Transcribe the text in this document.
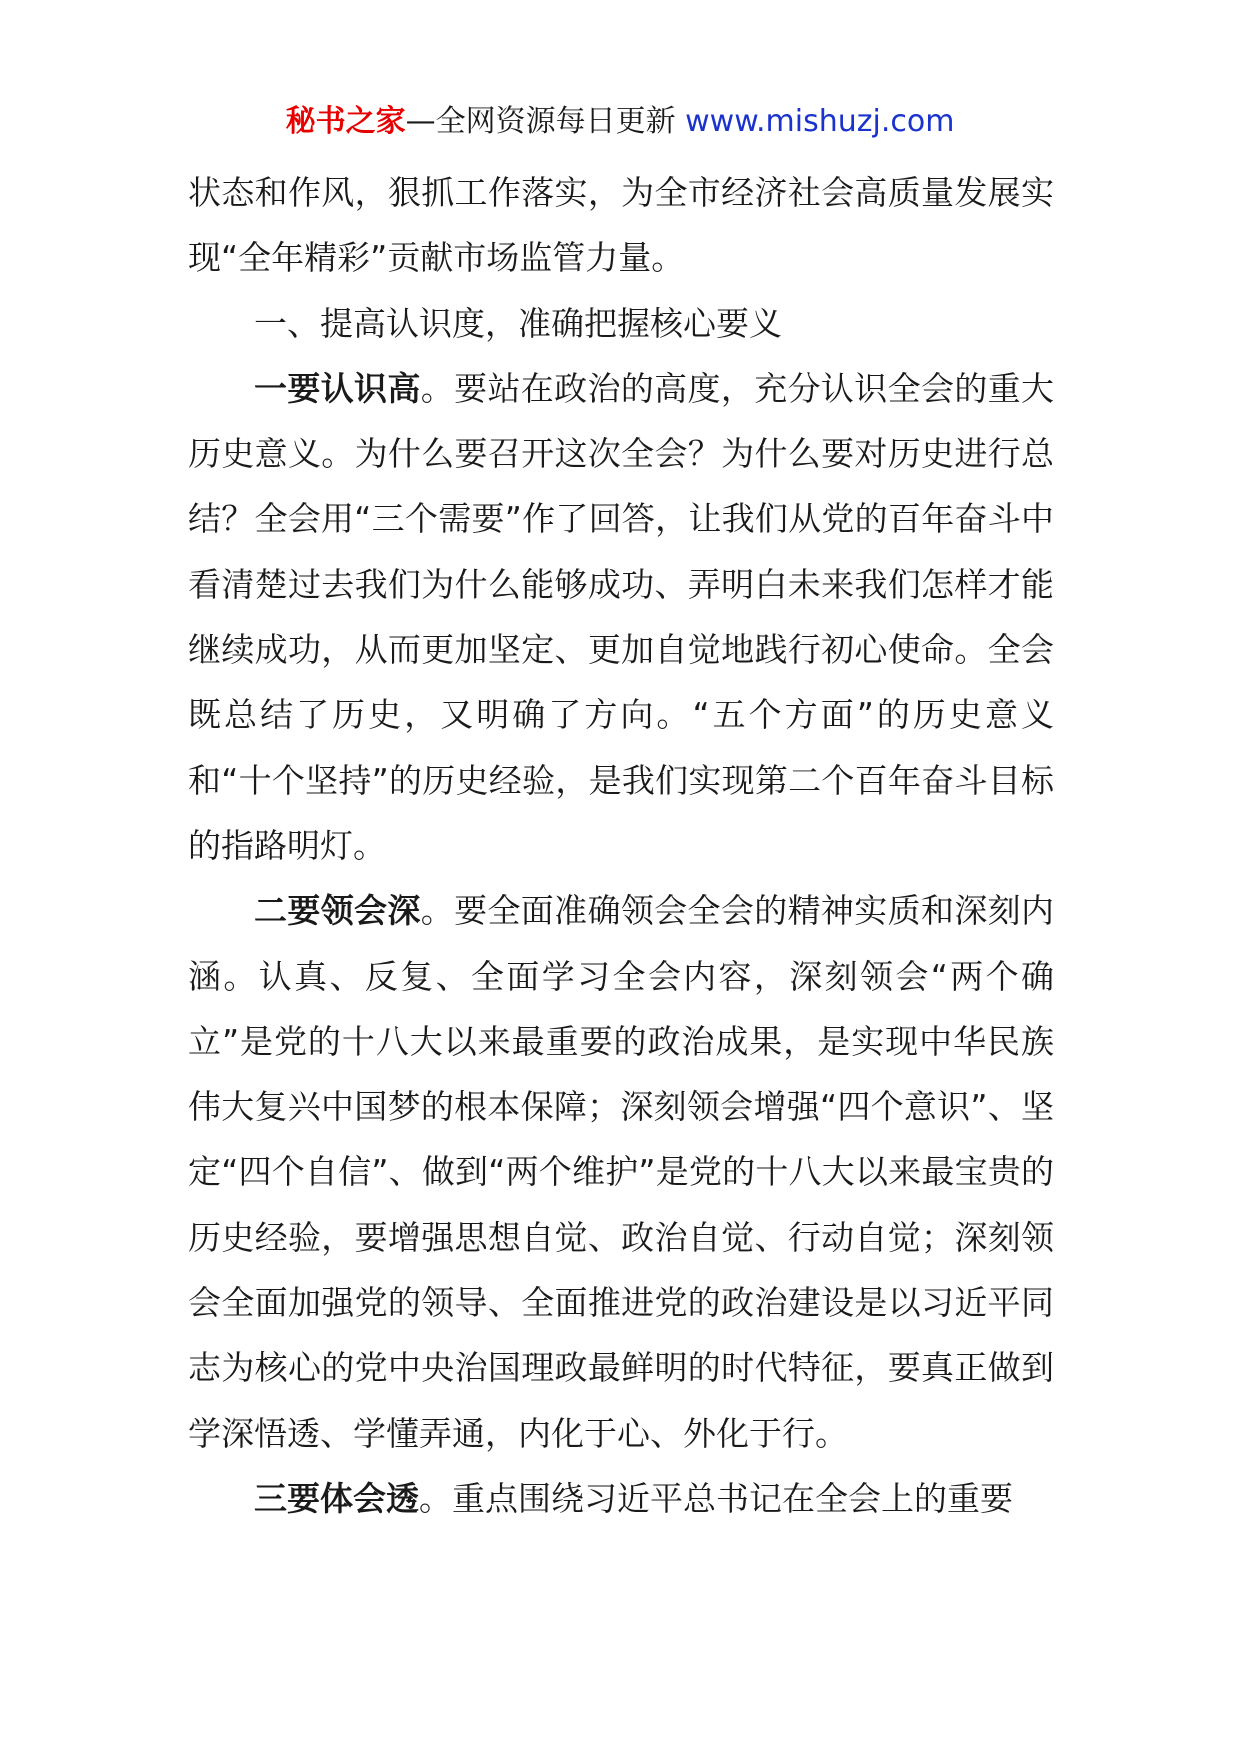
秘书之家—全网资源每日更新 www.mishuzj.com

状态和作风，狠抓工作落实，为全市经济社会高质量发展实现“全年精彩”贡献市场监管力量。

一、提高认识度，准确把握核心要义

一要认识高。要站在政治的高度，充分认识全会的重大历史意义。为什么要召开这次全会？为什么要对历史进行总结？全会用“三个需要”作了回答，让我们从党的百年奋斗中看清楚过去我们为什么能够成功、弄明白未来我们怎样才能继续成功，从而更加坚定、更加自觉地践行初心使命。全会既总结了历史，又明确了方向。“五个方面”的历史意义和“十个坚持”的历史经验，是我们实现第二个百年奋斗目标的指路明灯。

二要领会深。要全面准确领会全会的精神实质和深刻内涵。认真、反复、全面学习全会内容，深刻领会“两个确立”是党的十八大以来最重要的政治成果，是实现中华民族伟大复兴中国梦的根本保障；深刻领会增强“四个意识”、坚定“四个自信”、做到“两个维护”是党的十八大以来最宝贵的历史经验，要增强思想自觉、政治自觉、行动自觉；深刻领会全面加强党的领导、全面推进党的政治建设是以习近平同志为核心的党中央治国理政最鲜明的时代特征，要真正做到学深悟透、学懂弄通，内化于心、外化于行。

三要体会透。重点围绕习近平总书记在全会上的重要
